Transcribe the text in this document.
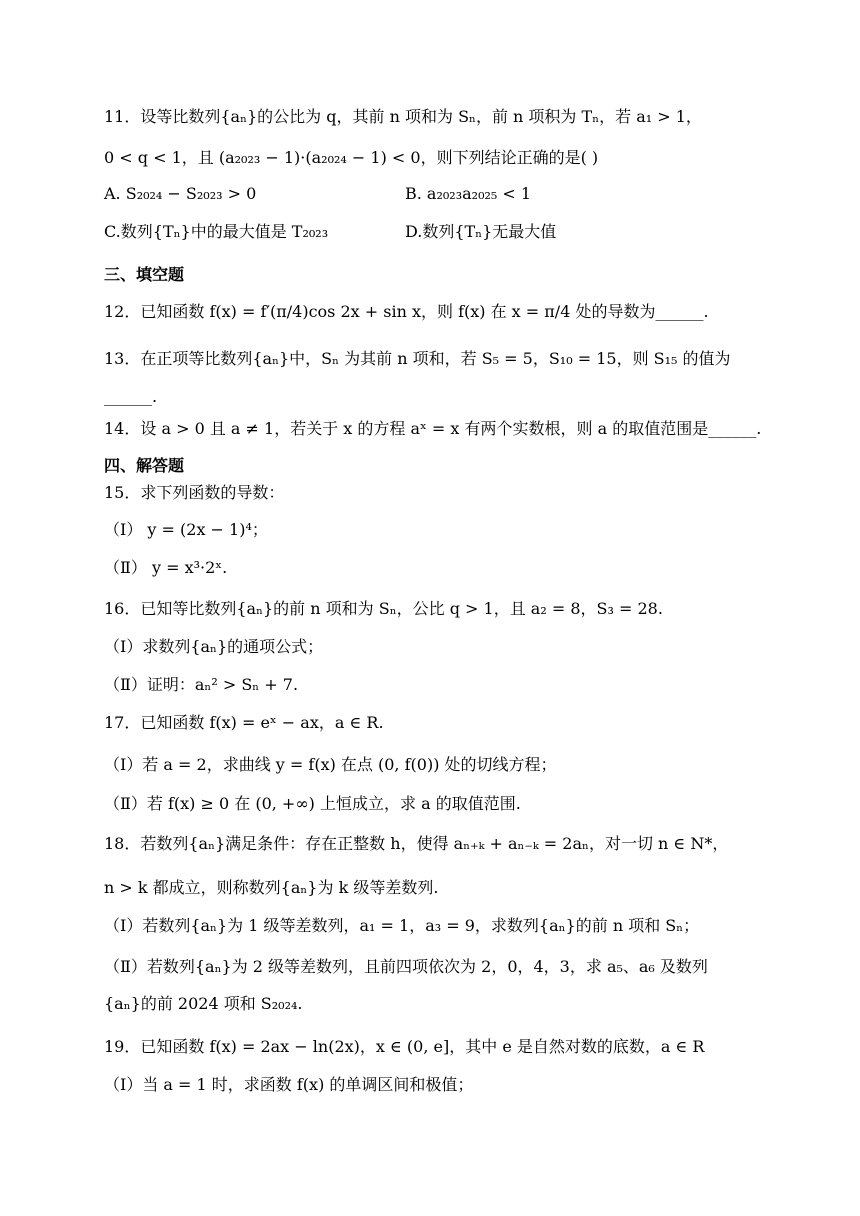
11．设等比数列{aₙ}的公比为 q，其前 n 项和为 Sₙ，前 n 项积为 Tₙ，若 a₁ > 1，
0 < q < 1，且 (a₂₀₂₃ − 1)·(a₂₀₂₄ − 1) < 0，则下列结论正确的是( )
A. S₂₀₂₄ − S₂₀₂₃ > 0	B. a₂₀₂₃a₂₀₂₅ < 1
C.数列{Tₙ}中的最大值是 T₂₀₂₃	D.数列{Tₙ}无最大值
三、填空题
12．已知函数 f(x) = f′(π/4)cos 2x + sin x，则 f(x) 在 x = π/4 处的导数为______.
13．在正项等比数列{aₙ}中，Sₙ 为其前 n 项和，若 S₅ = 5，S₁₀ = 15，则 S₁₅ 的值为
______.
14．设 a > 0 且 a ≠ 1，若关于 x 的方程 aˣ = x 有两个实数根，则 a 的取值范围是______.
四、解答题
15．求下列函数的导数：
（Ⅰ） y = (2x − 1)⁴；
（Ⅱ） y = x³·2ˣ.
16．已知等比数列{aₙ}的前 n 项和为 Sₙ，公比 q > 1，且 a₂ = 8，S₃ = 28.
（Ⅰ）求数列{aₙ}的通项公式；
（Ⅱ）证明：aₙ² > Sₙ + 7.
17．已知函数 f(x) = eˣ − ax，a ∈ R.
（Ⅰ）若 a = 2，求曲线 y = f(x) 在点 (0, f(0)) 处的切线方程；
（Ⅱ）若 f(x) ≥ 0 在 (0, +∞) 上恒成立，求 a 的取值范围.
18．若数列{aₙ}满足条件：存在正整数 h，使得 aₙ₊ₖ + aₙ₋ₖ = 2aₙ，对一切 n ∈ N*，
n > k 都成立，则称数列{aₙ}为 k 级等差数列.
（Ⅰ）若数列{aₙ}为 1 级等差数列，a₁ = 1，a₃ = 9，求数列{aₙ}的前 n 项和 Sₙ；
（Ⅱ）若数列{aₙ}为 2 级等差数列，且前四项依次为 2，0，4，3，求 a₅、a₆ 及数列
{aₙ}的前 2024 项和 S₂₀₂₄.
19．已知函数 f(x) = 2ax − ln(2x)，x ∈ (0, e]，其中 e 是自然对数的底数，a ∈ R
（Ⅰ）当 a = 1 时，求函数 f(x) 的单调区间和极值；
